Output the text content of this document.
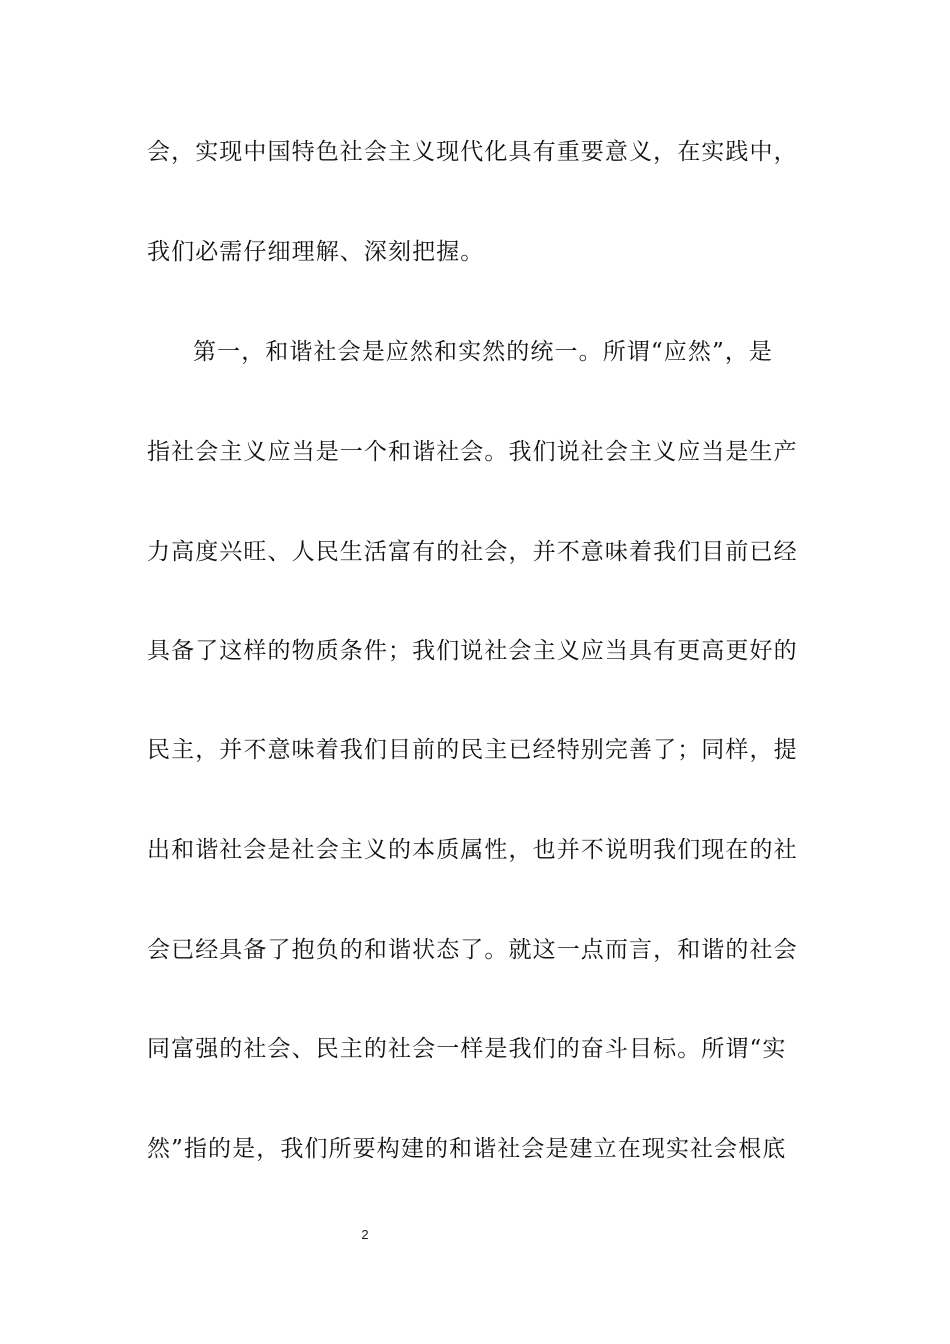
会，实现中国特色社会主义现代化具有重要意义，在实践中，
我们必需仔细理解、深刻把握。
第一，和谐社会是应然和实然的统一。所谓“应然”，是
指社会主义应当是一个和谐社会。我们说社会主义应当是生产
力高度兴旺、人民生活富有的社会，并不意味着我们目前已经
具备了这样的物质条件；我们说社会主义应当具有更高更好的
民主，并不意味着我们目前的民主已经特别完善了；同样，提
出和谐社会是社会主义的本质属性，也并不说明我们现在的社
会已经具备了抱负的和谐状态了。就这一点而言，和谐的社会
同富强的社会、民主的社会一样是我们的奋斗目标。所谓“实
然”指的是，我们所要构建的和谐社会是建立在现实社会根底
2
